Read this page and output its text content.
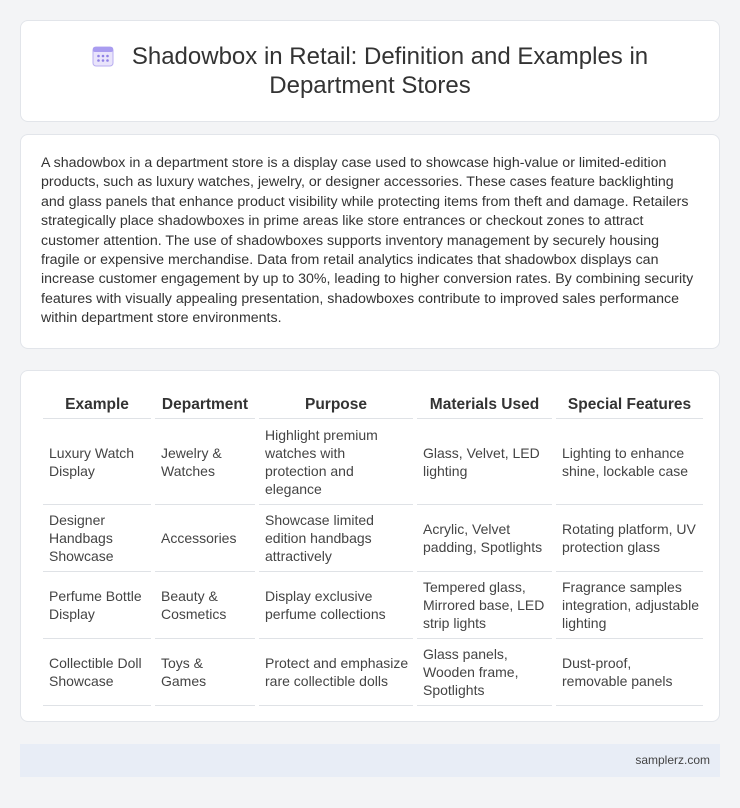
Shadowbox in Retail: Definition and Examples in Department Stores

A shadowbox in a department store is a display case used to showcase high-value or limited-edition products, such as luxury watches, jewelry, or designer accessories. These cases feature backlighting and glass panels that enhance product visibility while protecting items from theft and damage. Retailers strategically place shadowboxes in prime areas like store entrances or checkout zones to attract customer attention. The use of shadowboxes supports inventory management by securely housing fragile or expensive merchandise. Data from retail analytics indicates that shadowbox displays can increase customer engagement by up to 30%, leading to higher conversion rates. By combining security features with visually appealing presentation, shadowboxes contribute to improved sales performance within department store environments.

Example	Department	Purpose	Materials Used	Special Features
Luxury Watch Display	Jewelry & Watches	Highlight premium watches with protection and elegance	Glass, Velvet, LED lighting	Lighting to enhance shine, lockable case
Designer Handbags Showcase	Accessories	Showcase limited edition handbags attractively	Acrylic, Velvet padding, Spotlights	Rotating platform, UV protection glass
Perfume Bottle Display	Beauty & Cosmetics	Display exclusive perfume collections	Tempered glass, Mirrored base, LED strip lights	Fragrance samples integration, adjustable lighting
Collectible Doll Showcase	Toys & Games	Protect and emphasize rare collectible dolls	Glass panels, Wooden frame, Spotlights	Dust-proof, removable panels
samplerz.com
